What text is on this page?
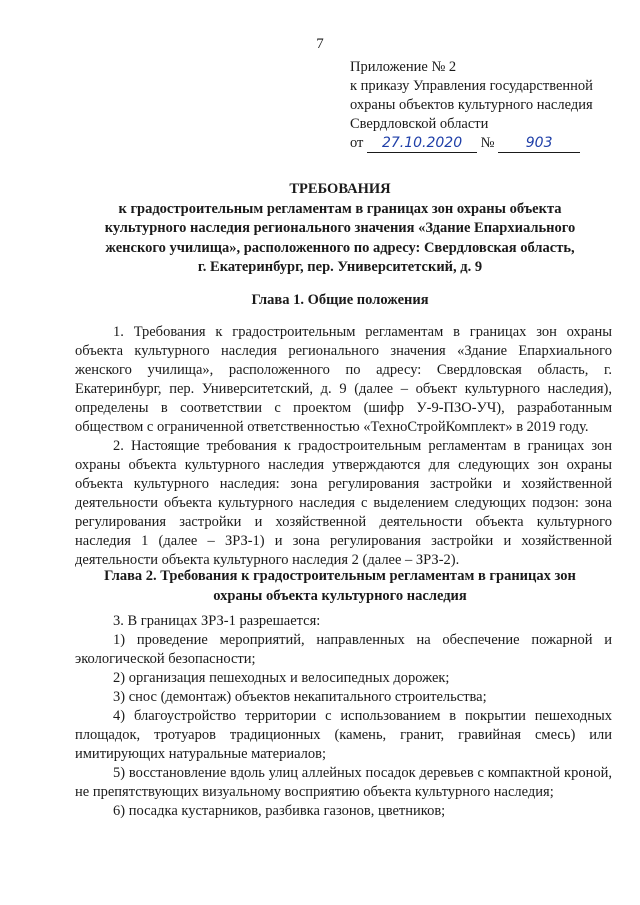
7
Приложение № 2
к приказу Управления государственной
охраны объектов культурного наследия
Свердловской области
от 27.10.2020 № 903
ТРЕБОВАНИЯ
к градостроительным регламентам в границах зон охраны объекта
культурного наследия регионального значения «Здание Епархиального
женского училища», расположенного по адресу: Свердловская область,
г. Екатеринбург, пер. Университетский, д. 9
Глава 1. Общие положения

1. Требования к градостроительным регламентам в границах зон охраны объекта культурного наследия регионального значения «Здание Епархиального женского училища», расположенного по адресу: Свердловская область, г. Екатеринбург, пер. Университетский, д. 9 (далее – объект культурного наследия), определены в соответствии с проектом (шифр У-9-ПЗО-УЧ), разработанным обществом с ограниченной ответственностью «ТехноСтройКомплект» в 2019 году.

2. Настоящие требования к градостроительным регламентам в границах зон охраны объекта культурного наследия утверждаются для следующих зон охраны объекта культурного наследия: зона регулирования застройки и хозяйственной деятельности объекта культурного наследия с выделением следующих подзон: зона регулирования застройки и хозяйственной деятельности объекта культурного наследия 1 (далее – ЗРЗ-1) и зона регулирования застройки и хозяйственной деятельности объекта культурного наследия 2 (далее – ЗРЗ-2).

Глава 2. Требования к градостроительным регламентам в границах зон
охраны объекта культурного наследия

3. В границах ЗРЗ-1 разрешается:

1) проведение мероприятий, направленных на обеспечение пожарной и экологической безопасности;

2) организация пешеходных и велосипедных дорожек;

3) снос (демонтаж) объектов некапитального строительства;

4) благоустройство территории с использованием в покрытии пешеходных площадок, тротуаров традиционных (камень, гранит, гравийная смесь) или имитирующих натуральные материалов;

5) восстановление вдоль улиц аллейных посадок деревьев с компактной кроной, не препятствующих визуальному восприятию объекта культурного наследия;

6) посадка кустарников, разбивка газонов, цветников;
